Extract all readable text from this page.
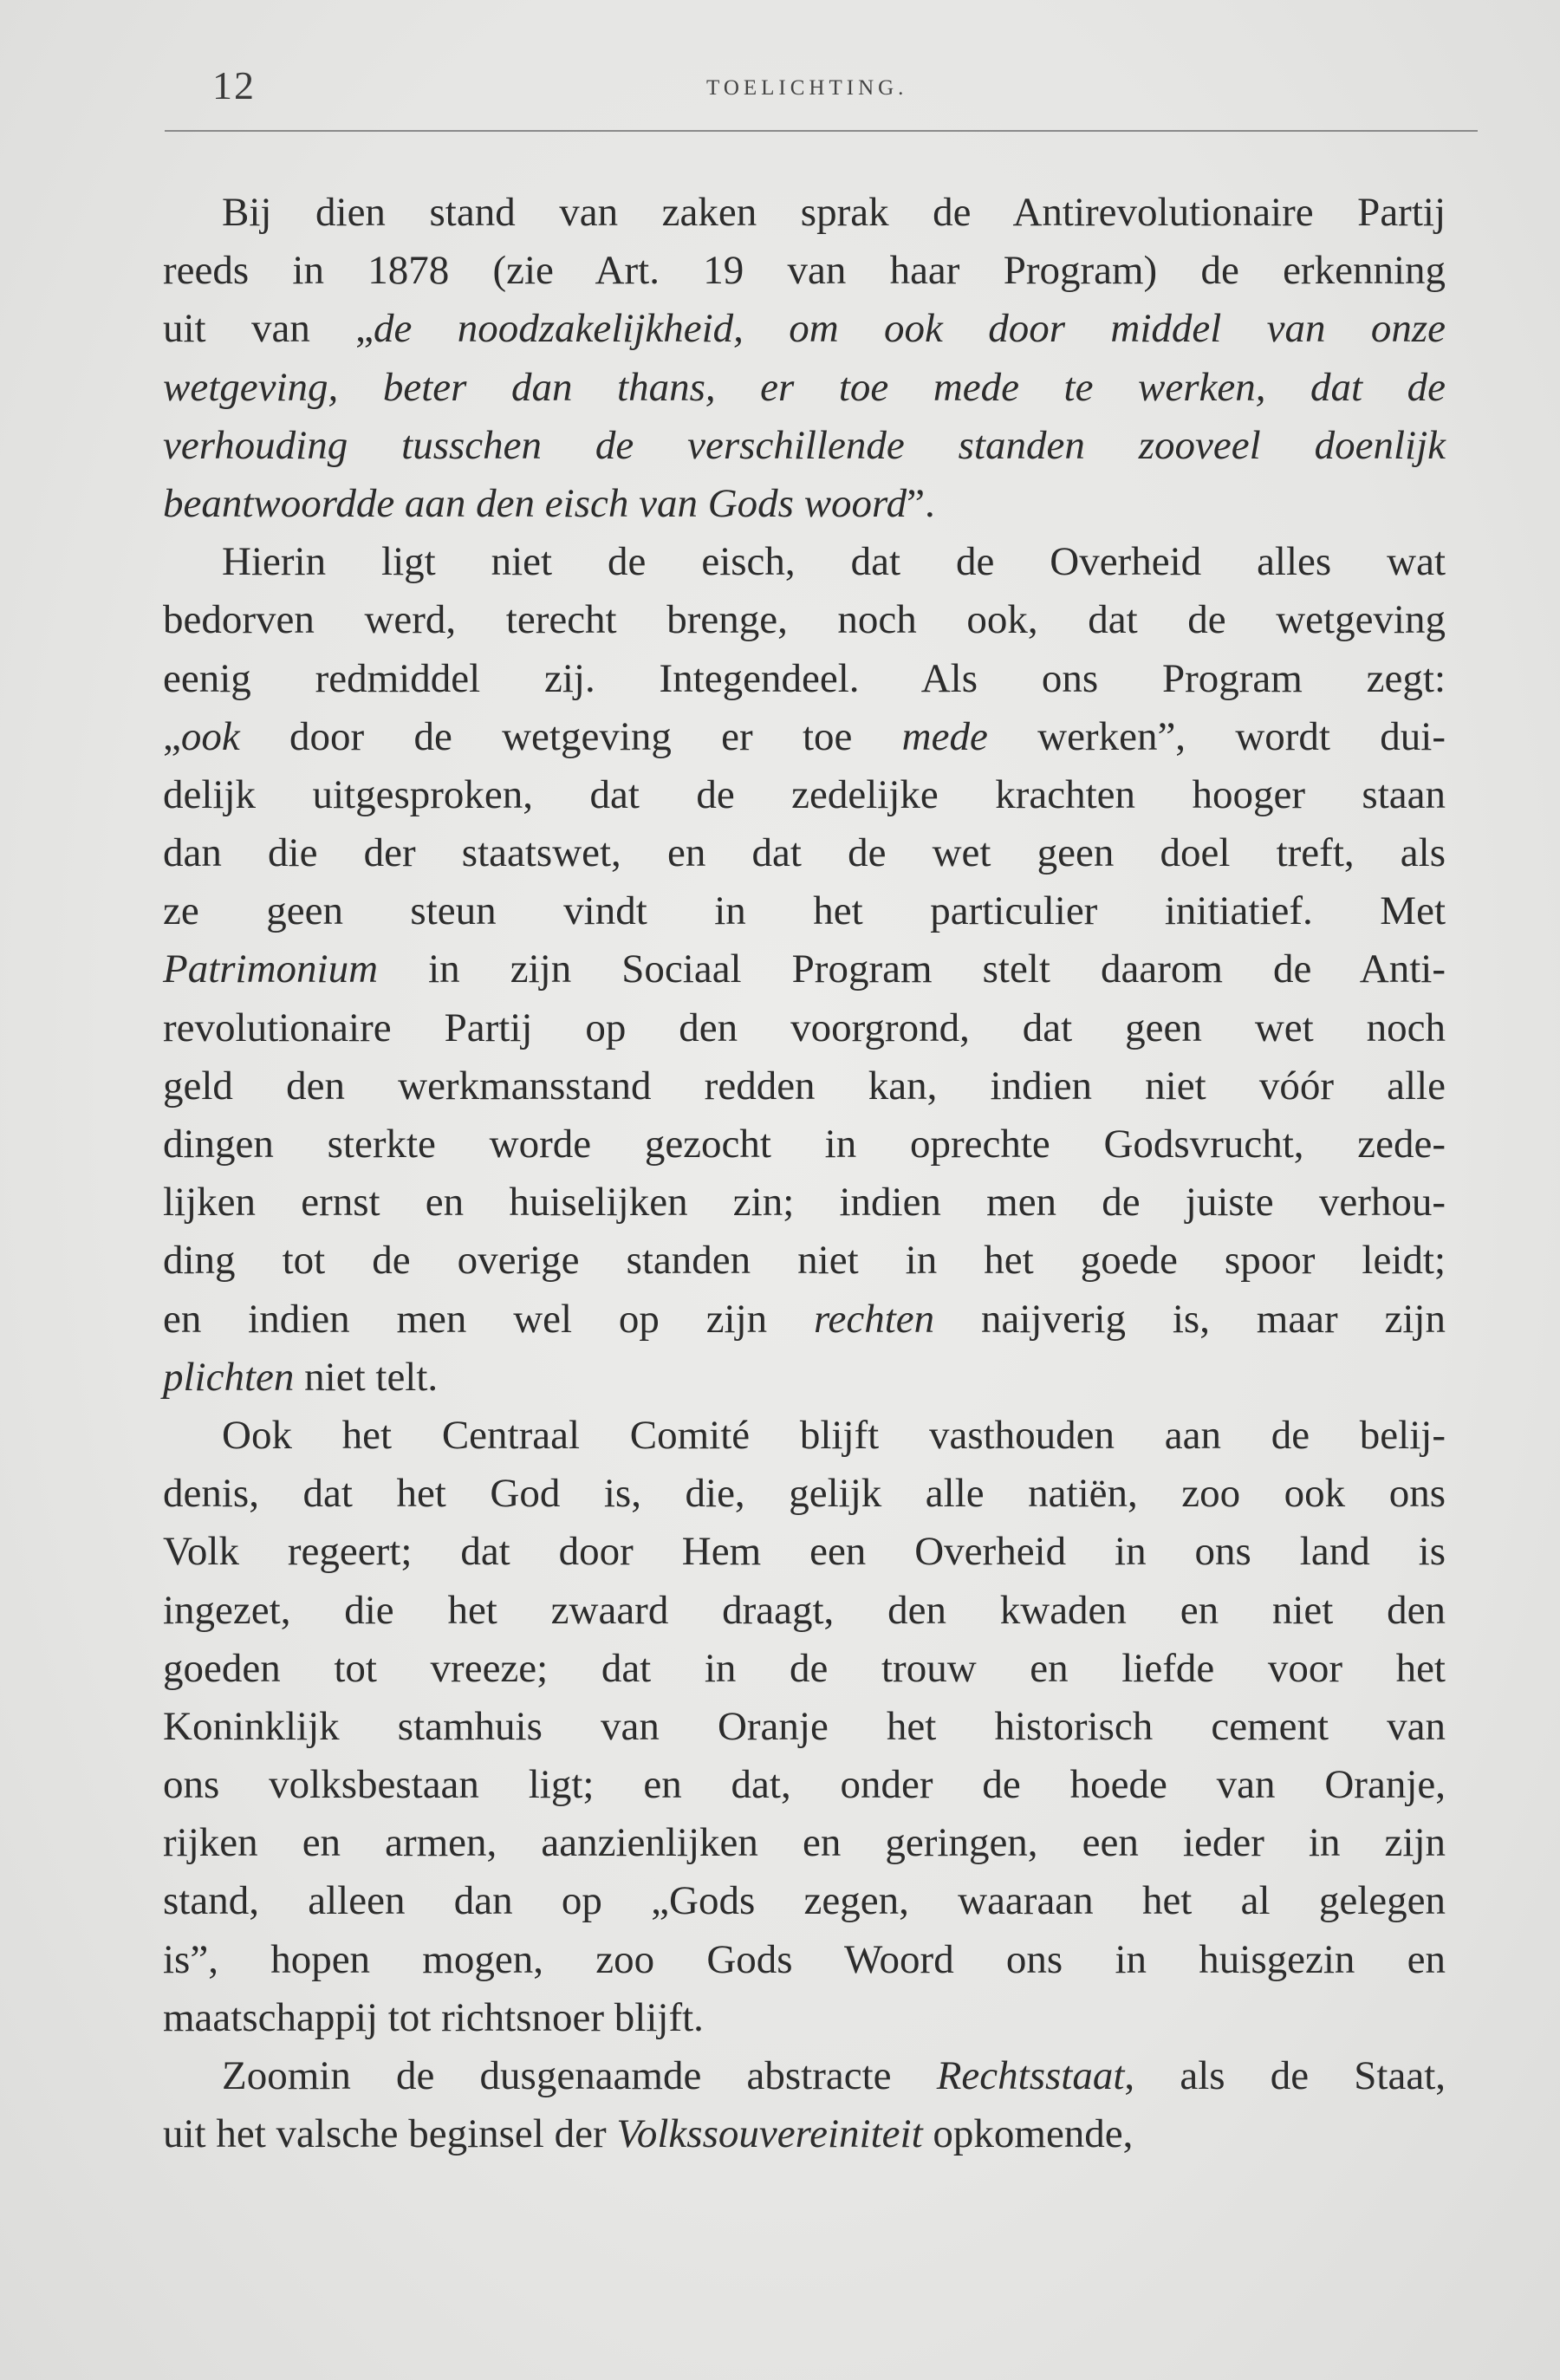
12	TOELICHTING.
Bij dien stand van zaken sprak de Antirevolutionaire Partij
reeds in 1878 (zie Art. 19 van haar Program) de erkenning
uit van „de noodzakelijkheid, om ook door middel van onze
wetgeving, beter dan thans, er toe mede te werken, dat de
verhouding tusschen de verschillende standen zooveel doenlijk
beantwoordde aan den eisch van Gods woord”.
Hierin ligt niet de eisch, dat de Overheid alles wat
bedorven werd, terecht brenge, noch ook, dat de wetgeving
eenig redmiddel zij. Integendeel. Als ons Program zegt:
„ook door de wetgeving er toe mede werken”, wordt dui-
delijk uitgesproken, dat de zedelijke krachten hooger staan
dan die der staatswet, en dat de wet geen doel treft, als
ze geen steun vindt in het particulier initiatief. Met
Patrimonium in zijn Sociaal Program stelt daarom de Anti-
revolutionaire Partij op den voorgrond, dat geen wet noch
geld den werkmansstand redden kan, indien niet vóór alle
dingen sterkte worde gezocht in oprechte Godsvrucht, zede-
lijken ernst en huiselijken zin; indien men de juiste verhou-
ding tot de overige standen niet in het goede spoor leidt;
en indien men wel op zijn rechten naijverig is, maar zijn
plichten niet telt.
Ook het Centraal Comité blijft vasthouden aan de belij-
denis, dat het God is, die, gelijk alle natiën, zoo ook ons
Volk regeert; dat door Hem een Overheid in ons land is
ingezet, die het zwaard draagt, den kwaden en niet den
goeden tot vreeze; dat in de trouw en liefde voor het
Koninklijk stamhuis van Oranje het historisch cement van
ons volksbestaan ligt; en dat, onder de hoede van Oranje,
rijken en armen, aanzienlijken en geringen, een ieder in zijn
stand, alleen dan op „Gods zegen, waaraan het al gelegen
is”, hopen mogen, zoo Gods Woord ons in huisgezin en
maatschappij tot richtsnoer blijft.
Zoomin de dusgenaamde abstracte Rechtsstaat, als de Staat,
uit het valsche beginsel der Volkssouvereiniteit opkomende,
